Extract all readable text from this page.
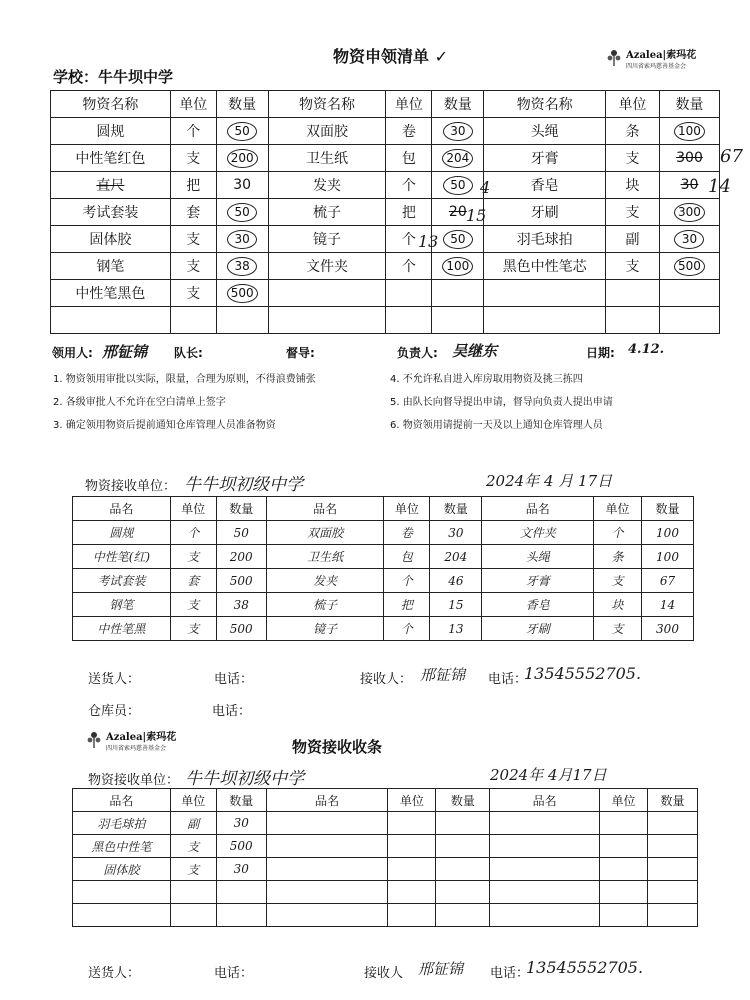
物资申领清单 ✓	Azalea|索玛花
四川省索玛慈善基金会
学校：牛牛坝中学
物资名称	单位	数量	物资名称	单位	数量	物资名称	单位	数量
圆规	个	50	双面胶	卷	30	头绳	条	100
中性笔红色	支	200	卫生纸	包	204	牙膏	支	300
直尺	把	30	发夹	个	50	香皂	块	30
考试套装	套	50	梳子	把	20	牙刷	支	300
固体胶	支	30	镜子	个	50	羽毛球拍	副	30
钢笔	支	38	文件夹	个	100	黑色中性笔芯	支	500
中性笔黑色	支	500						

67
14
4
15
13
领用人: 邢钲锦 队长:	督导:	负责人: 吴继东	日期: 4.12.
1. 物资领用审批以实际，限量，合理为原则，不得浪费铺张
2. 各级审批人不允许在空白清单上签字
3. 确定领用物资后提前通知仓库管理人员准备物资
4. 不允许私自进入库房取用物资及挑三拣四
5. 由队长向督导提出申请，督导向负责人提出申请
6. 物资领用请提前一天及以上通知仓库管理人员
物资接收单位： 牛牛坝初级中学	2024年 4 月 17日
品名	单位	数量	品名	单位	数量	品名	单位	数量
圆规	个	50	双面胶	卷	30	文件夹	个	100
中性笔(红)	支	200	卫生纸	包	204	头绳	条	100
考试套装	套	500	发夹	个	46	牙膏	支	67
钢笔	支	38	梳子	把	15	香皂	块	14
中性笔黑	支	500	镜子	个	13	牙刷	支	300
送货人：	电话：	接收人： 邢钲锦 电话：
13545552705.
仓库员：	电话：
Azalea|索玛花
四川省索玛慈善基金会	物资接收收条
物资接收单位： 牛牛坝初级中学	2024年 4月17日
品名	单位	数量	品名	单位	数量	品名	单位	数量
羽毛球拍	副	30						
黑色中性笔	支	500						
固体胶	支	30						

送货人：	电话：	接收人 邢钲锦 电话：
13545552705.
